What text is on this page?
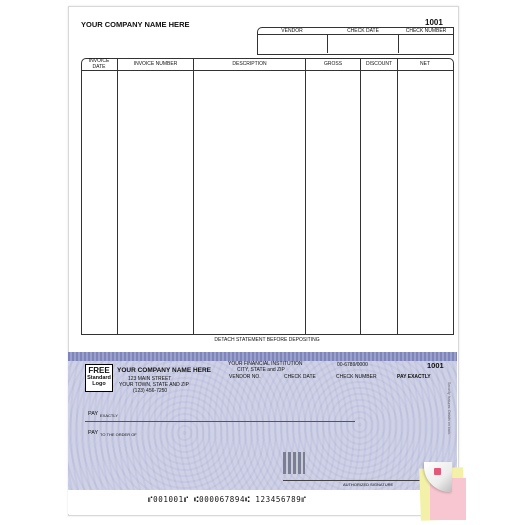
YOUR COMPANY NAME HERE	1001
VENDOR	CHECK DATE	CHECK NUMBER
INVOICE DATE	INVOICE NUMBER	DESCRIPTION	GROSS	DISCOUNT	NET
DETACH STATEMENT BEFORE DEPOSITING
FREE
Standard
Logo
YOUR COMPANY NAME HERE
123 MAIN STREET
YOUR TOWN, STATE AND ZIP
(123) 456-7250
YOUR FINANCIAL INSTITUTION
CITY, STATE and ZIP
00-6789/0000	1001
VENDOR NO.	CHECK DATE	CHECK NUMBER	PAY EXACTLY
PAY EXACTLY
PAY TO THE ORDER OF
AUTHORIZED SIGNATURE
Security features. Details on back.
⑈001001⑈ ⑆000067894⑆ 123456789⑈
